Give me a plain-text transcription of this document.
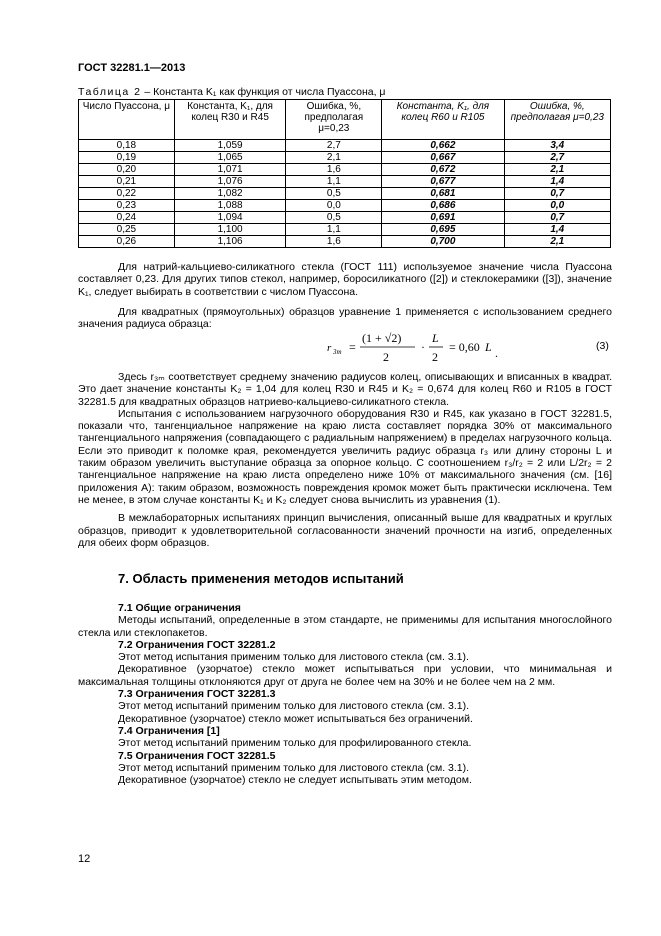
ГОСТ 32281.1—2013
Таблица 2 – Константа K₁ как функция от числа Пуассона, μ
Число Пуассона, μ	Константа, K₁, для колец R30 и R45	Ошибка, %, предполагая μ=0,23	Константа, K₁, для колец R60 и R105	Ошибка, %, предполагая μ=0,23
0,18	1,059	2,7	0,662	3,4
0,19	1,065	2,1	0,667	2,7
0,20	1,071	1,6	0,672	2,1
0,21	1,076	1,1	0,677	1,4
0,22	1,082	0,5	0,681	0,7
0,23	1,088	0,0	0,686	0,0
0,24	1,094	0,5	0,691	0,7
0,25	1,100	1,1	0,695	1,4
0,26	1,106	1,6	0,700	2,1

Для натрий-кальциево-силикатного стекла (ГОСТ 111) используемое значение числа Пуассона составляет 0,23. Для других типов стекол, например, боросиликатного ([2]) и стеклокерамики ([3]), значение K₁, следует выбирать в соответствии с числом Пуассона.

Для квадратных (прямоугольных) образцов уравнение 1 применяется с использованием среднего значения радиуса образца:

r 3m =
(1 + √2)
2
·
L
2
= 0,60 L .	(3)

Здесь r₃ₘ соответствует среднему значению радиусов колец, описывающих и вписанных в квадрат. Это дает значение константы K₂ = 1,04 для колец R30 и R45 и K₂ = 0,674 для колец R60 и R105 в ГОСТ 32281.5 для квадратных образцов натриево-кальциево-силикатного стекла.

Испытания с использованием нагрузочного оборудования R30 и R45, как указано в ГОСТ 32281.5, показали что, тангенциальное напряжение на краю листа составляет порядка 30% от максимального тангенциального напряжения (совпадающего с радиальным напряжением) в пределах нагрузочного кольца. Если это приводит к поломке края, рекомендуется увеличить радиус образца r₃ или длину стороны L и таким образом увеличить выступание образца за опорное кольцо. С соотношением r₃/r₂ = 2 или L/2r₂ = 2 тангенциальное напряжение на краю листа определено ниже 10% от максимального значения (см. [16] приложения А): таким образом, возможность повреждения кромок может быть практически исключена. Тем не менее, в этом случае константы K₁ и K₂ следует снова вычислить из уравнения (1).

В межлабораторных испытаниях принцип вычисления, описанный выше для квадратных и круглых образцов, приводит к удовлетворительной согласованности значений прочности на изгиб, определенных для обеих форм образцов.

7. Область применения методов испытаний

7.1 Общие ограничения

Методы испытаний, определенные в этом стандарте, не применимы для испытания многослойного стекла или стеклопакетов.

7.2 Ограничения ГОСТ 32281.2

Этот метод испытания применим только для листового стекла (см. 3.1).

Декоративное (узорчатое) стекло может испытываться при условии, что минимальная и максимальная толщины отклоняются друг от друга не более чем на 30% и не более чем на 2 мм.

7.3 Ограничения ГОСТ 32281.3

Этот метод испытаний применим только для листового стекла (см. 3.1).

Декоративное (узорчатое) стекло может испытываться без ограничений.

7.4 Ограничения [1]

Этот метод испытаний применим только для профилированного стекла.

7.5 Ограничения ГОСТ 32281.5

Этот метод испытаний применим только для листового стекла (см. 3.1).

Декоративное (узорчатое) стекло не следует испытывать этим методом.

12
